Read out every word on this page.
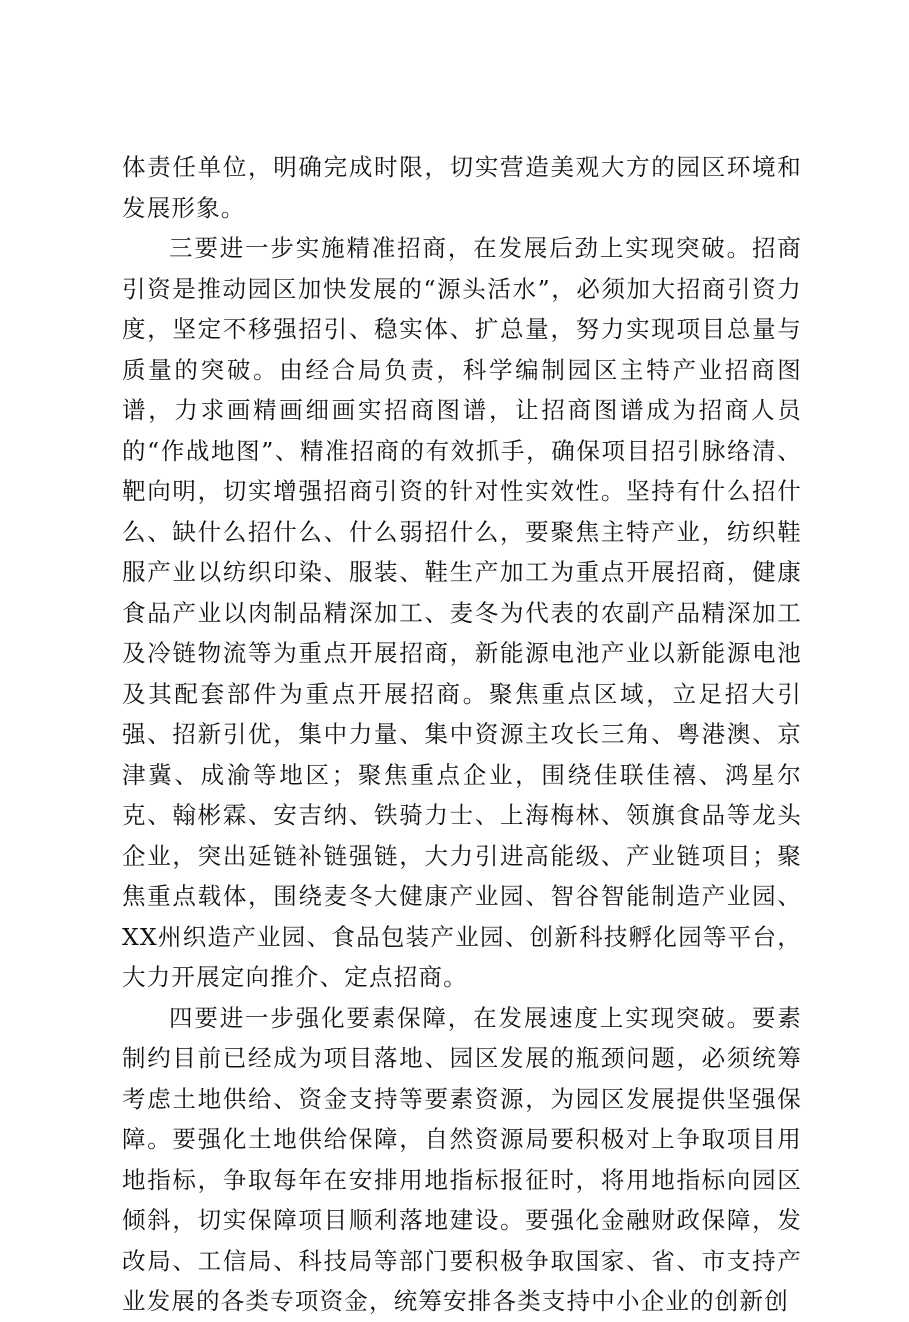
体责任单位，明确完成时限，切实营造美观大方的园区环境和发展形象。

三要进一步实施精准招商，在发展后劲上实现突破。招商引资是推动园区加快发展的“源头活水”，必须加大招商引资力度，坚定不移强招引、稳实体、扩总量，努力实现项目总量与质量的突破。由经合局负责，科学编制园区主特产业招商图谱，力求画精画细画实招商图谱，让招商图谱成为招商人员的“作战地图”、精准招商的有效抓手，确保项目招引脉络清、靶向明，切实增强招商引资的针对性实效性。坚持有什么招什么、缺什么招什么、什么弱招什么，要聚焦主特产业，纺织鞋服产业以纺织印染、服装、鞋生产加工为重点开展招商，健康食品产业以肉制品精深加工、麦冬为代表的农副产品精深加工及冷链物流等为重点开展招商，新能源电池产业以新能源电池及其配套部件为重点开展招商。聚焦重点区域，立足招大引强、招新引优，集中力量、集中资源主攻长三角、粤港澳、京津冀、成渝等地区；聚焦重点企业，围绕佳联佳禧、鸿星尔克、翰彬霖、安吉纳、铁骑力士、上海梅林、领旗食品等龙头企业，突出延链补链强链，大力引进高能级、产业链项目；聚焦重点载体，围绕麦冬大健康产业园、智谷智能制造产业园、XX州织造产业园、食品包装产业园、创新科技孵化园等平台，大力开展定向推介、定点招商。

四要进一步强化要素保障，在发展速度上实现突破。要素制约目前已经成为项目落地、园区发展的瓶颈问题，必须统筹考虑土地供给、资金支持等要素资源，为园区发展提供坚强保障。要强化土地供给保障，自然资源局要积极对上争取项目用地指标，争取每年在安排用地指标报征时，将用地指标向园区倾斜，切实保障项目顺利落地建设。要强化金融财政保障，发改局、工信局、科技局等部门要积极争取国家、省、市支持产业发展的各类专项资金，统筹安排各类支持中小企业的创新创
